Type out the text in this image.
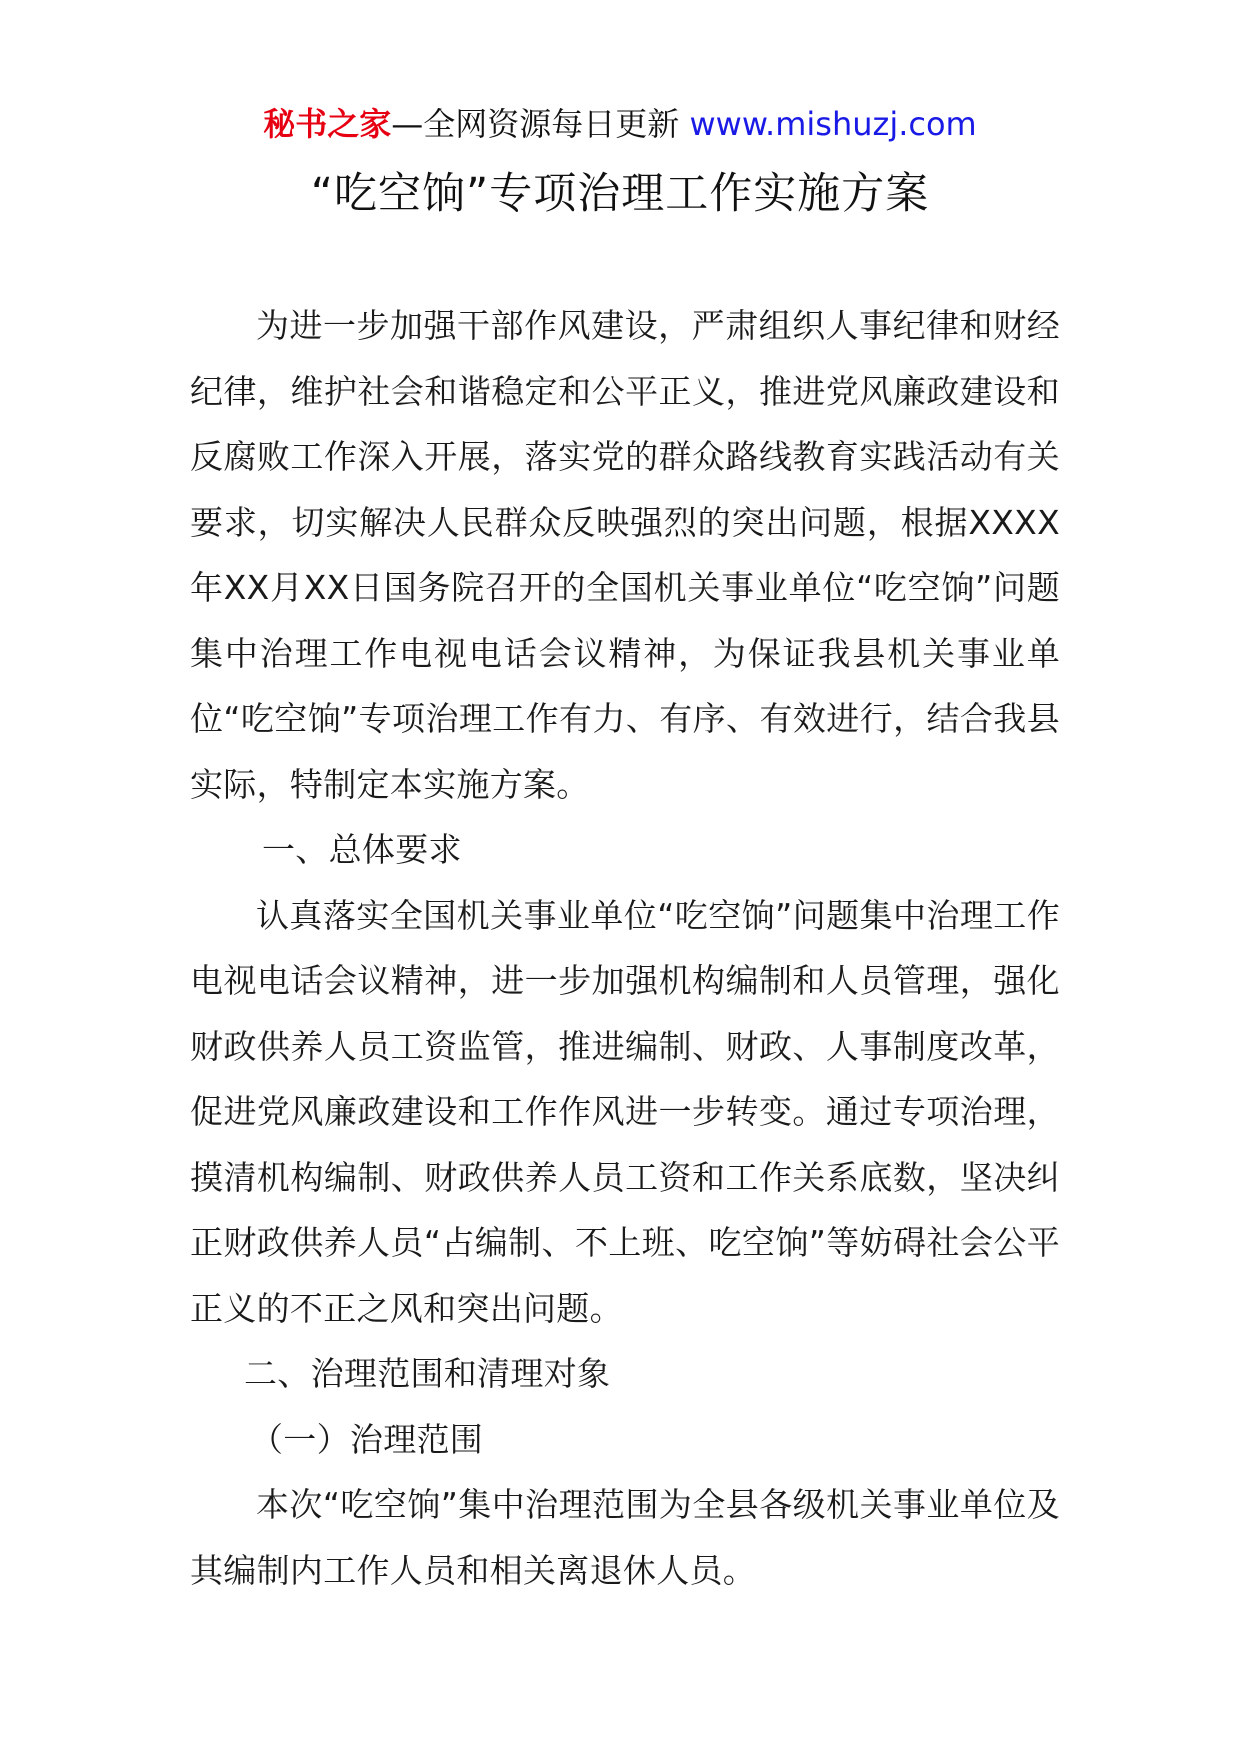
秘书之家—全网资源每日更新 www.mishuzj.com
“吃空饷”专项治理工作实施方案

为进一步加强干部作风建设，严肃组织人事纪律和财经纪律，维护社会和谐稳定和公平正义，推进党风廉政建设和反腐败工作深入开展，落实党的群众路线教育实践活动有关要求，切实解决人民群众反映强烈的突出问题，根据XXXX年XX月XX日国务院召开的全国机关事业单位“吃空饷”问题集中治理工作电视电话会议精神，为保证我县机关事业单位“吃空饷”专项治理工作有力、有序、有效进行，结合我县实际，特制定本实施方案。

一、总体要求

认真落实全国机关事业单位“吃空饷”问题集中治理工作电视电话会议精神，进一步加强机构编制和人员管理，强化财政供养人员工资监管，推进编制、财政、人事制度改革，促进党风廉政建设和工作作风进一步转变。通过专项治理，摸清机构编制、财政供养人员工资和工作关系底数，坚决纠正财政供养人员“占编制、不上班、吃空饷”等妨碍社会公平正义的不正之风和突出问题。

二、治理范围和清理对象

（一）治理范围

本次“吃空饷”集中治理范围为全县各级机关事业单位及其编制内工作人员和相关离退休人员。
